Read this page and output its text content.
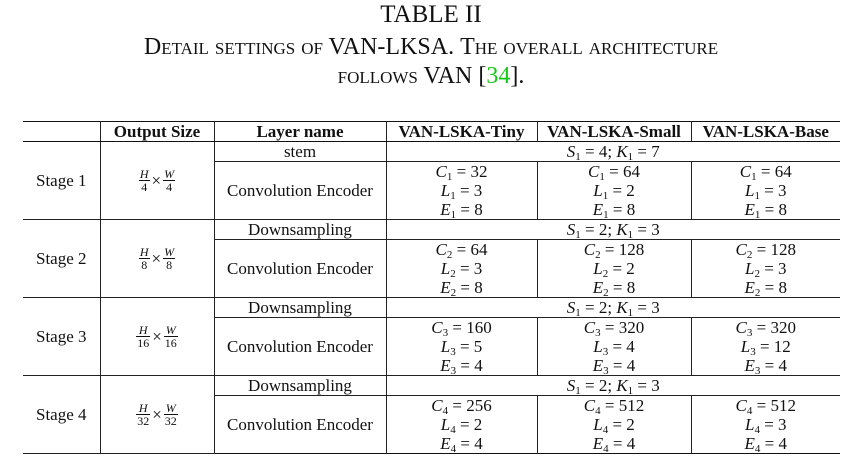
TABLE II
Detail settings of VAN-LKSA. The overall architecture
follows VAN [34].
	Output Size	Layer name	VAN-LSKA-Tiny	VAN-LSKA-Small	VAN-LSKA-Base
Stage 1	$\frac{H}{4} \times \frac{W}{4}$	stem	$S_1 = 4$; $K_1 = 7$		
		Convolution Encoder	$C_1 = 32$
$L_1 = 3$
$E_1 = 8$	$C_1 = 64$
$L_1 = 2$
$E_1 = 8$	$C_1 = 64$
$L_1 = 3$
$E_1 = 8$

Stage 2	$\frac{H}{8} \times \frac{W}{8}$	Downsampling	$S_1 = 2$; $K_1 = 3$		
		Convolution Encoder	$C_2 = 64$
$L_2 = 3$
$E_2 = 8$	$C_2 = 128$
$L_2 = 2$
$E_2 = 8$	$C_2 = 128$
$L_2 = 3$
$E_2 = 8$

Stage 3	$\frac{H}{16} \times \frac{W}{16}$	Downsampling	$S_1 = 2$; $K_1 = 3$		
		Convolution Encoder	$C_3 = 160$
$L_3 = 5$
$E_3 = 4$	$C_3 = 320$
$L_3 = 4$
$E_3 = 4$	$C_3 = 320$
$L_3 = 12$
$E_3 = 4$

Stage 4	$\frac{H}{32} \times \frac{W}{32}$	Downsampling	$S_1 = 2$; $K_1 = 3$		
		Convolution Encoder	$C_4 = 256$
$L_4 = 2$
$E_4 = 4$	$C_4 = 512$
$L_4 = 2$
$E_4 = 4$	$C_4 = 512$
$L_4 = 3$
$E_4 = 4$
